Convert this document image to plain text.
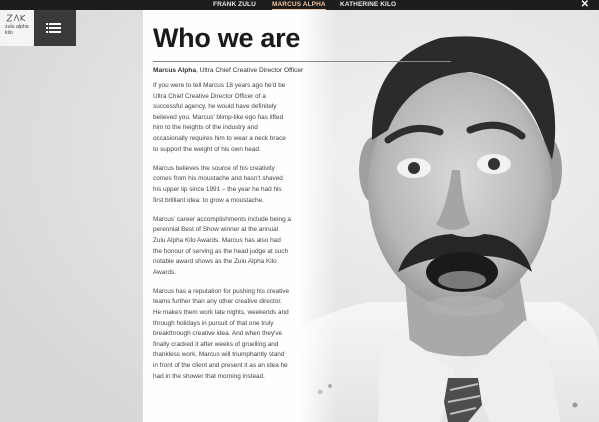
FRANK ZULU MARCUS ALPHA KATHERINE KILO	✕
zulu alpha kilo	Who we are
Marcus Alpha, Ultra Chief Creative Director Officer

If you were to tell Marcus 18 years ago he'd be Ultra Chief Creative Director Officer of a successful agency, he would have definitely believed you. Marcus' blimp-like ego has lifted him to the heights of the industry and occasionally requires him to wear a neck brace to support the weight of his own head.

Marcus believes the source of his creativity comes from his moustache and hasn't shaved his upper lip since 1991 – the year he had his first brilliant idea: to grow a moustache.

Marcus' career accomplishments include being a perennial Best of Show winner at the annual Zulu Alpha Kilo Awards. Marcus has also had the honour of serving as the head judge at such notable award shows as the Zulu Alpha Kilo Awards.

Marcus has a reputation for pushing his creative teams further than any other creative director. He makes them work late nights, weekends and through holidays in pursuit of that one truly breakthrough creative idea. And when they've finally cracked it after weeks of gruelling and thankless work, Marcus will triumphantly stand in front of the client and present it as an idea he had in the shower that morning instead.
